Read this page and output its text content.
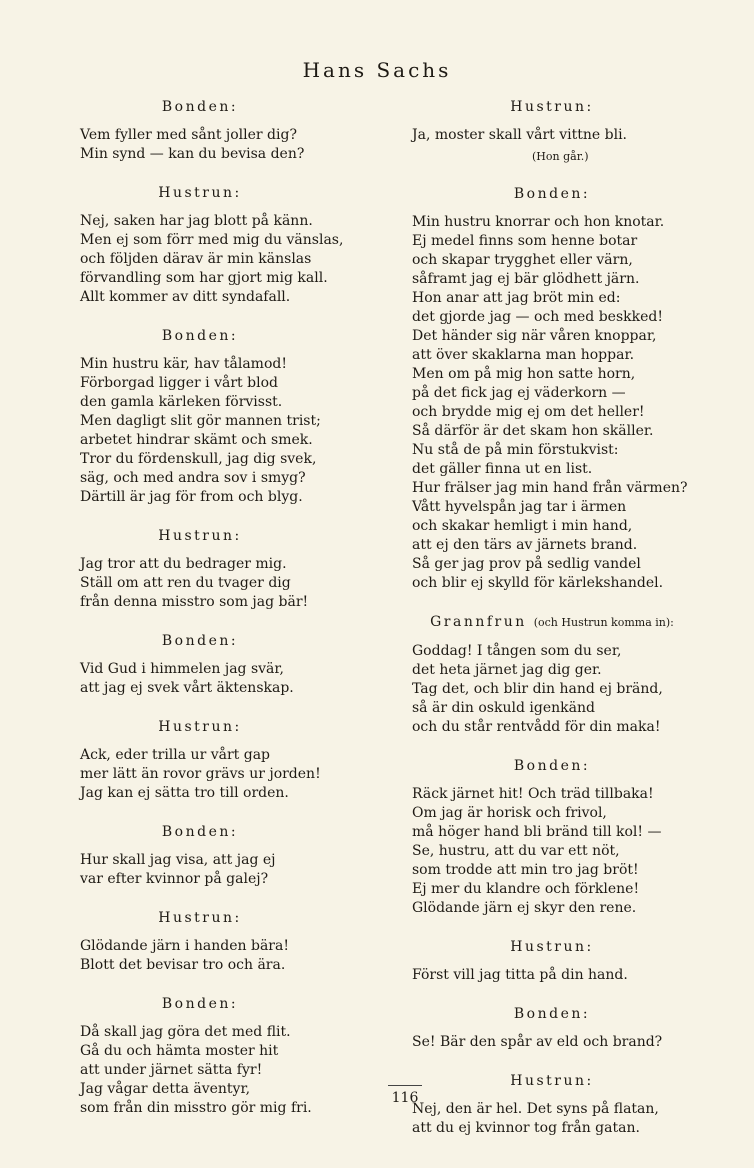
Hans Sachs
Bonden:
Vem fyller med sånt joller dig?
Min synd — kan du bevisa den?
Hustrun:
Nej, saken har jag blott på känn.
Men ej som förr med mig du vänslas,
och följden därav är min känslas
förvandling som har gjort mig kall.
Allt kommer av ditt syndafall.
Bonden:
Min hustru kär, hav tålamod!
Förborgad ligger i vårt blod
den gamla kärleken förvisst.
Men dagligt slit gör mannen trist;
arbetet hindrar skämt och smek.
Tror du fördenskull, jag dig svek,
säg, och med andra sov i smyg?
Därtill är jag för from och blyg.
Hustrun:
Jag tror att du bedrager mig.
Ställ om att ren du tvager dig
från denna misstro som jag bär!
Bonden:
Vid Gud i himmelen jag svär,
att jag ej svek vårt äktenskap.
Hustrun:
Ack, eder trilla ur vårt gap
mer lätt än rovor grävs ur jorden!
Jag kan ej sätta tro till orden.
Bonden:
Hur skall jag visa, att jag ej
var efter kvinnor på galej?
Hustrun:
Glödande järn i handen bära!
Blott det bevisar tro och ära.
Bonden:
Då skall jag göra det med flit.
Gå du och hämta moster hit
att under järnet sätta fyr!
Jag vågar detta äventyr,
som från din misstro gör mig fri.
Hustrun:
Ja, moster skall vårt vittne bli.
(Hon går.)
Bonden:
Min hustru knorrar och hon knotar.
Ej medel finns som henne botar
och skapar trygghet eller värn,
såframt jag ej bär glödhett järn.
Hon anar att jag bröt min ed:
det gjorde jag — och med beskked!
Det händer sig när våren knoppar,
att över skaklarna man hoppar.
Men om på mig hon satte horn,
på det fick jag ej väderkorn —
och brydde mig ej om det heller!
Så därför är det skam hon skäller.
Nu stå de på min förstukvist:
det gäller finna ut en list.
Hur frälser jag min hand från värmen?
Vått hyvelspån jag tar i ärmen
och skakar hemligt i min hand,
att ej den tärs av järnets brand.
Så ger jag prov på sedlig vandel
och blir ej skylld för kärlekshandel.
Grannfrun (och Hustrun komma in):
Goddag! I tången som du ser,
det heta järnet jag dig ger.
Tag det, och blir din hand ej bränd,
så är din oskuld igenkänd
och du står rentvådd för din maka!
Bonden:
Räck järnet hit! Och träd tillbaka!
Om jag är horisk och frivol,
må höger hand bli bränd till kol! —
Se, hustru, att du var ett nöt,
som trodde att min tro jag bröt!
Ej mer du klandre och förklene!
Glödande järn ej skyr den rene.
Hustrun:
Först vill jag titta på din hand.
Bonden:
Se! Bär den spår av eld och brand?
Hustrun:
Nej, den är hel. Det syns på flatan,
att du ej kvinnor tog från gatan.
116
